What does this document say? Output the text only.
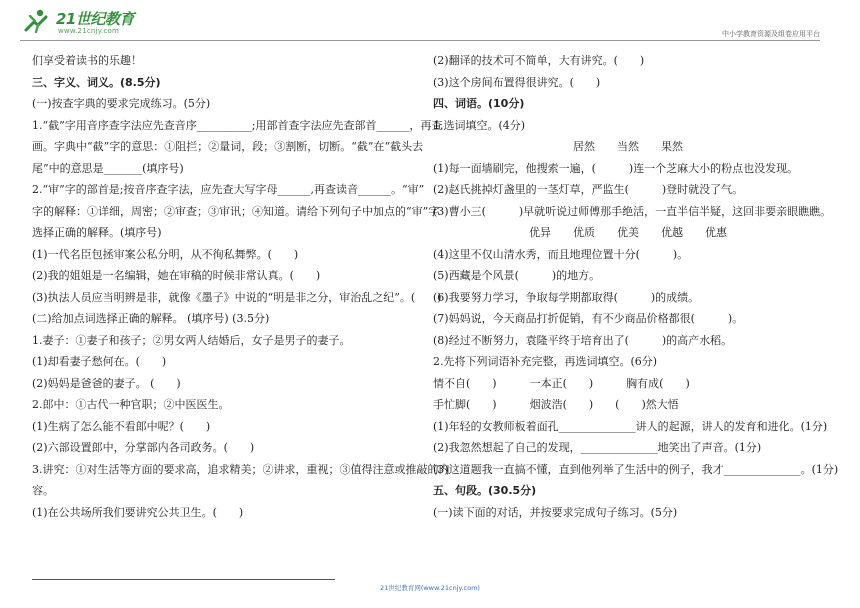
21世纪教育
www.21cnjy.com	中小学教育资源及组卷应用平台
们享受着读书的乐趣！
三、字义、词义。(8.5分)
(一)按查字典的要求完成练习。(5分)
1.“截”字用音序查字法应先查音序__________;用部首查字法应先查部首______，再查
画。字典中“截”字的意思：①阻拦；②量词，段；③割断，切断。“截”在“截头去
尾”中的意思是_______(填序号)
2.“审”字的部首是;按音序查字法，应先查大写字母______,再查读音______。“审”
字的解释：①详细，周密；②审查；③审讯；④知道。请给下列句子中加点的“审”字
选择正确的解释。(填序号)
(1)一代名臣包拯审案公私分明，从不徇私舞弊。(　　)
(2)我的姐姐是一名编辑，她在审稿的时候非常认真。(　　)
(3)执法人员应当明辨是非，就像《墨子》中说的“明是非之分，审治乱之纪”。(　　)
(二)给加点词选择正确的解释。 (填序号) (3.5分)
1.妻子：①妻子和孩子；②男女两人结婚后，女子是男子的妻子。
(1)却看妻子愁何在。(　　)
(2)妈妈是爸爸的妻子。 (　　)
2.郎中：①古代一种官职；②中医医生。
(1)生病了怎么能不看郎中呢？(　　)
(2)六部设置郎中，分掌部内各司政务。(　　)
3.讲究：①对生活等方面的要求高，追求精美；②讲求，重视；③值得注意或推敲的内
容。
(1)在公共场所我们要讲究公共卫生。(　　)
(2)翻译的技术可不简单，大有讲究。(　　)
(3)这个房间布置得很讲究。(　　)
四、词语。(10分)
1.选词填空。(4分)
居然　　当然　　果然
(1)每一面墙刷完，他搜索一遍，(　　　)连一个芝麻大小的粉点也没发现。
(2)赵氏挑掉灯盏里的一茎灯草，严监生(　　　)登时就没了气。
(3)曹小三(　　　)早就听说过师傅那手绝活，一直半信半疑，这回非要亲眼瞧瞧。
优异　　优质　　优美　　优越　　优惠
(4)这里不仅山清水秀，而且地理位置十分(　　　)。
(5)西藏是个风景(　　　)的地方。
(6)我要努力学习，争取每学期都取得(　　　)的成绩。
(7)妈妈说，今天商品打折促销，有不少商品价格都很(　　　)。
(8)经过不断努力，袁隆平终于培育出了(　　　)的高产水稻。
2.先将下列词语补充完整，再选词填空。(6分)
情不自(　　)　　　一本正(　　)　　　胸有成(　　)
手忙脚(　　)　　　烟波浩(　　)　　(　　)然大悟
(1)年轻的女教师板着面孔______________讲人的起源，讲人的发育和进化。(1分)
(2)我忽然想起了自己的发现，______________地笑出了声音。(1分)
(3)这道题我一直搞不懂，直到他列举了生活中的例子，我才______________。(1分)
五、句段。(30.5分)
(一)读下面的对话，并按要求完成句子练习。(5分)
21世纪教育网(www.21cnjy.com)
